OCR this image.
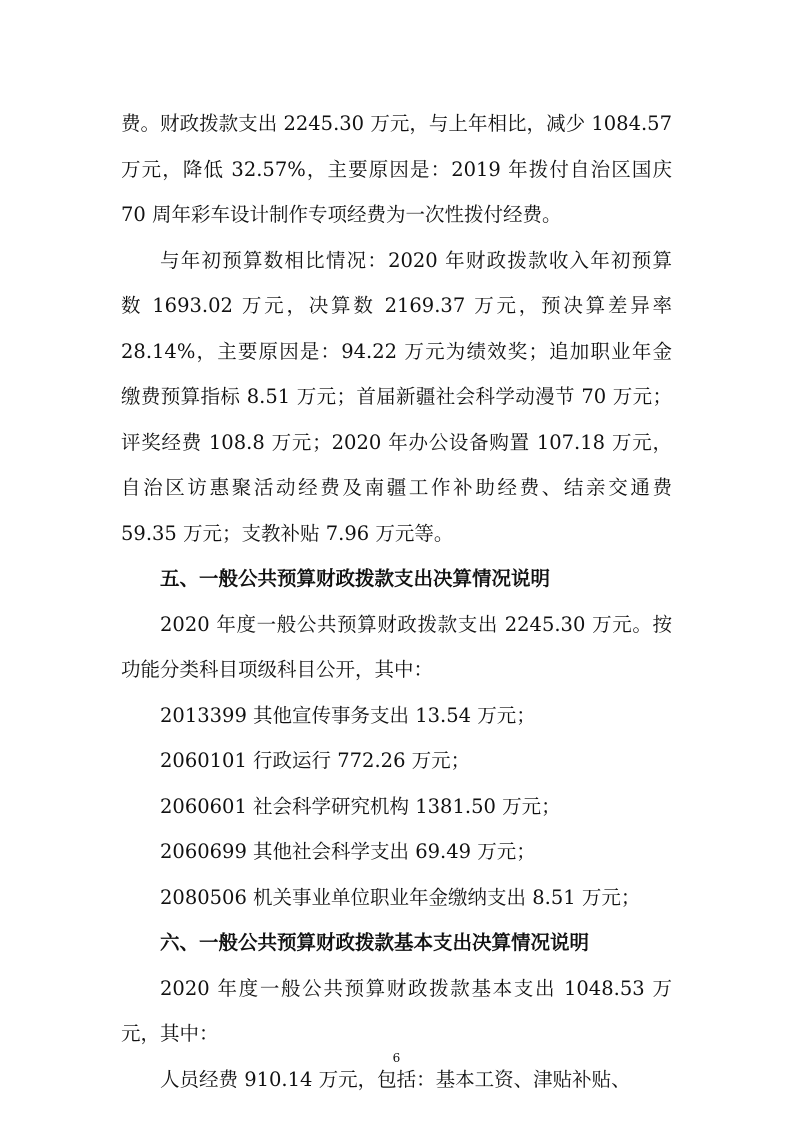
费。财政拨款支出 2245.30 万元，与上年相比，减少 1084.57
万元，降低 32.57%，主要原因是：2019 年拨付自治区国庆
70 周年彩车设计制作专项经费为一次性拨付经费。
与年初预算数相比情况：2020 年财政拨款收入年初预算
数 1693.02 万元，决算数 2169.37 万元，预决算差异率
28.14%，主要原因是：94.22 万元为绩效奖；追加职业年金
缴费预算指标 8.51 万元；首届新疆社会科学动漫节 70 万元；
评奖经费 108.8 万元；2020 年办公设备购置 107.18 万元，
自治区访惠聚活动经费及南疆工作补助经费、结亲交通费
59.35 万元；支教补贴 7.96 万元等。
五、一般公共预算财政拨款支出决算情况说明
2020 年度一般公共预算财政拨款支出 2245.30 万元。按
功能分类科目项级科目公开，其中：
2013399 其他宣传事务支出 13.54 万元；
2060101 行政运行 772.26 万元；
2060601 社会科学研究机构 1381.50 万元；
2060699 其他社会科学支出 69.49 万元；
2080506 机关事业单位职业年金缴纳支出 8.51 万元；
六、一般公共预算财政拨款基本支出决算情况说明
2020 年度一般公共预算财政拨款基本支出 1048.53 万
元，其中：
人员经费 910.14 万元，包括：基本工资、津贴补贴、
6
